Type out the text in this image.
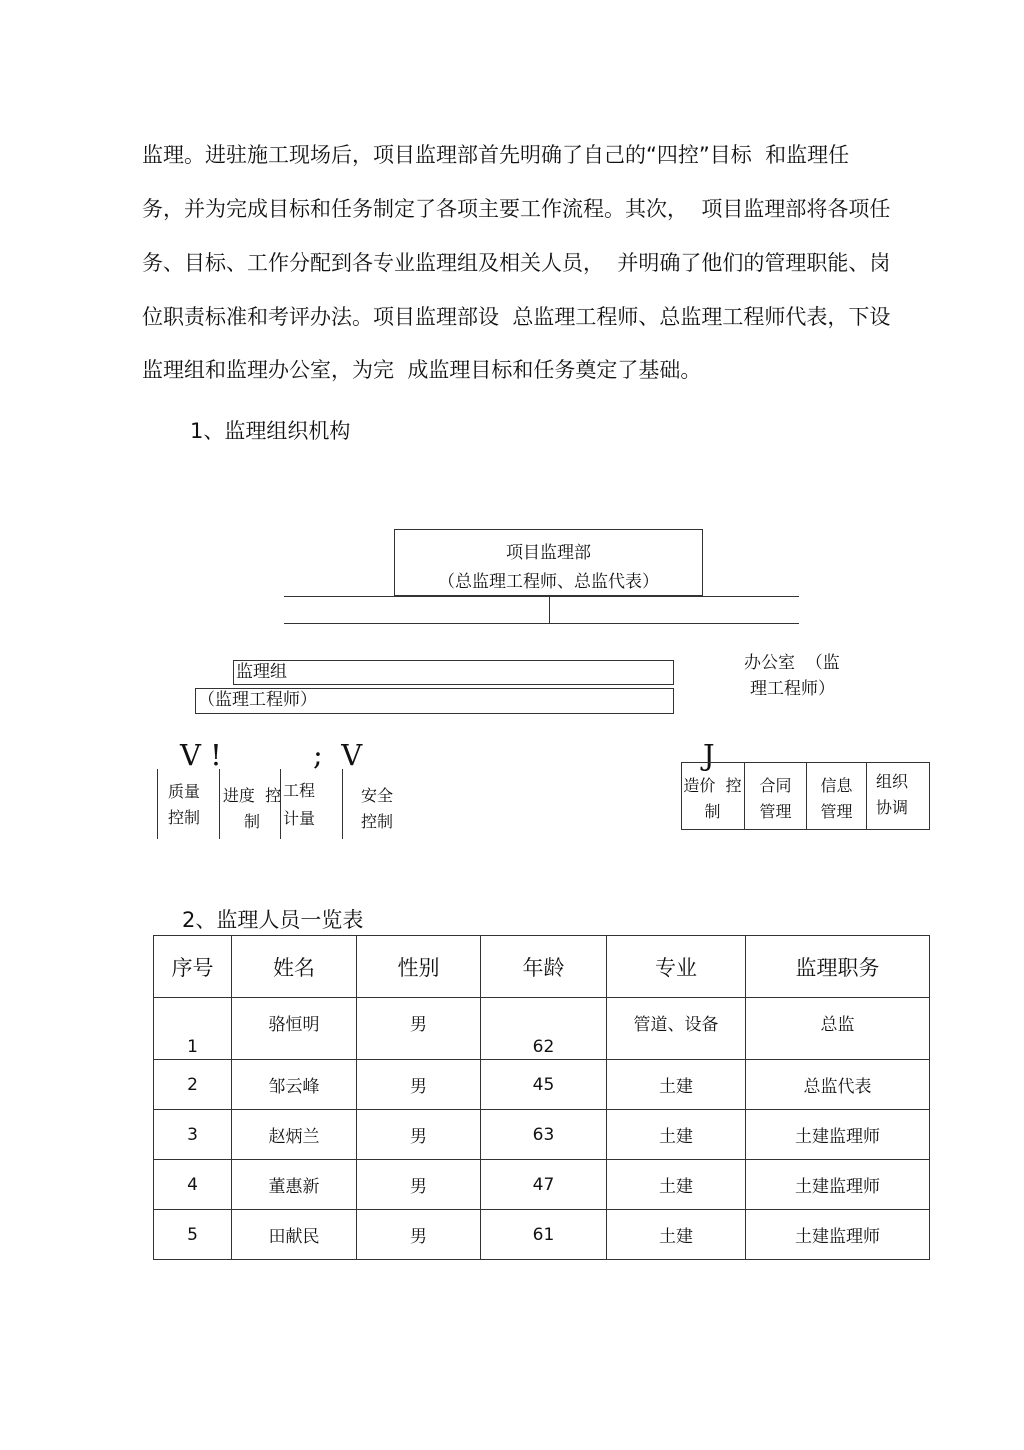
监理。进驻施工现场后，项目监理部首先明确了自己的“四控”目标  和监理任
务，并为完成目标和任务制定了各项主要工作流程。其次，  项目监理部将各项任
务、目标、工作分配到各专业监理组及相关人员，  并明确了他们的管理职能、岗
位职责标准和考评办法。项目监理部设  总监理工程师、总监理工程师代表，下设
监理组和监理办公室，为完  成监理目标和任务奠定了基础。
1、监理组织机构
项目监理部
（总监理工程师、总监代表）
监理组
（监理工程师）
办公室  （监
理工程师）
V !	;  V	J
质量
控制
进度  控
制
工程
计量
安全
控制
造价  控
制
合同
管理
信息
管理
组织
协调
2、监理人员一览表
序号	姓名	性别	年龄	专业	监理职务
1	骆恒明	男	62	管道、设备	总监
2	邹云峰	男	45	土建	总监代表
3	赵炳兰	男	63	土建	土建监理师
4	董惠新	男	47	土建	土建监理师
5	田献民	男	61	土建	土建监理师
